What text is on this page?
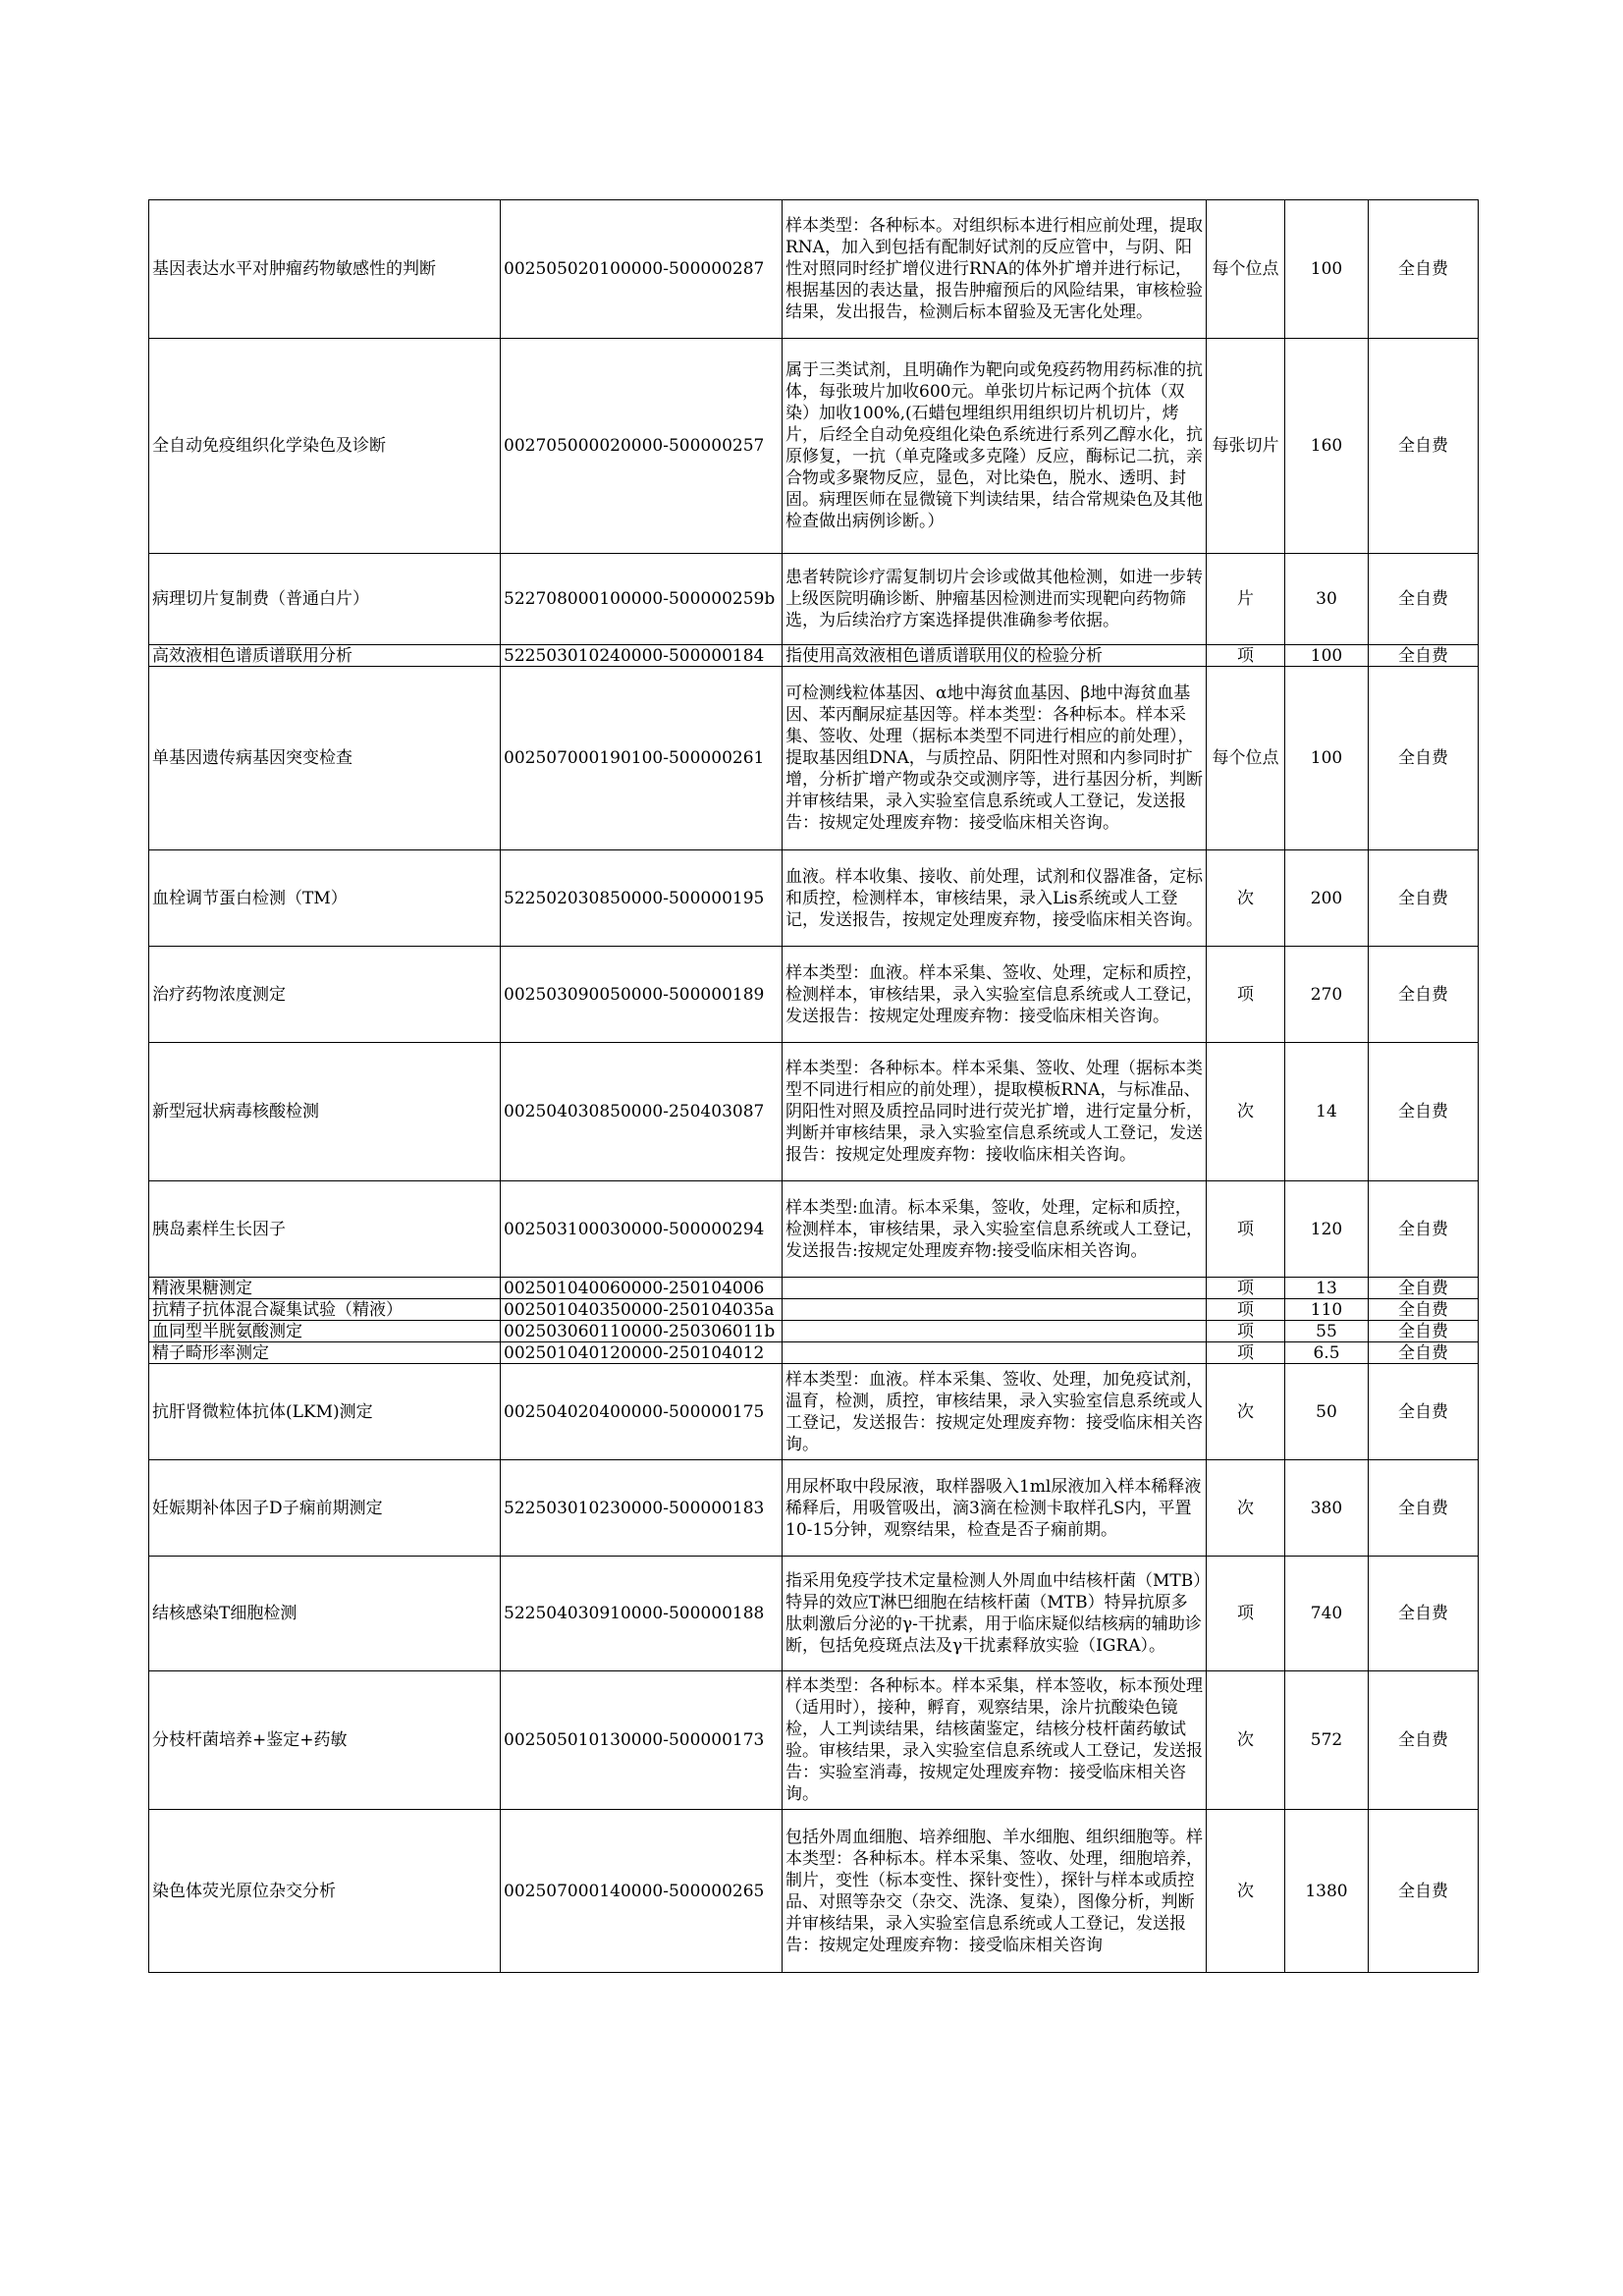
基因表达水平对肿瘤药物敏感性的判断	002505020100000-500000287	样本类型：各种标本。对组织标本进行相应前处理，提取RNA，加入到包括有配制好试剂的反应管中，与阴、阳性对照同时经扩增仪进行RNA的体外扩增并进行标记，根据基因的表达量，报告肿瘤预后的风险结果，审核检验结果，发出报告，检测后标本留验及无害化处理。	每个位点	100	全自费
全自动免疫组织化学染色及诊断	002705000020000-500000257	属于三类试剂，且明确作为靶向或免疫药物用药标准的抗体，每张玻片加收600元。单张切片标记两个抗体（双染）加收100%,(石蜡包埋组织用组织切片机切片，烤片，后经全自动免疫组化染色系统进行系列乙醇水化，抗原修复，一抗（单克隆或多克隆）反应，酶标记二抗，亲合物或多聚物反应，显色，对比染色，脱水、透明、封固。病理医师在显微镜下判读结果，结合常规染色及其他检查做出病例诊断。）	每张切片	160	全自费
病理切片复制费（普通白片）	522708000100000-500000259b	患者转院诊疗需复制切片会诊或做其他检测，如进一步转上级医院明确诊断、肿瘤基因检测进而实现靶向药物筛选，为后续治疗方案选择提供准确参考依据。	片	30	全自费
高效液相色谱质谱联用分析	522503010240000-500000184	指使用高效液相色谱质谱联用仪的检验分析	项	100	全自费
单基因遗传病基因突变检查	002507000190100-500000261	可检测线粒体基因、α地中海贫血基因、β地中海贫血基因、苯丙酮尿症基因等。样本类型：各种标本。样本采集、签收、处理（据标本类型不同进行相应的前处理），提取基因组DNA，与质控品、阴阳性对照和内参同时扩增，分析扩增产物或杂交或测序等，进行基因分析，判断并审核结果，录入实验室信息系统或人工登记，发送报告：按规定处理废弃物：接受临床相关咨询。	每个位点	100	全自费
血栓调节蛋白检测（TM）	522502030850000-500000195	血液。样本收集、接收、前处理，试剂和仪器准备，定标和质控，检测样本，审核结果，录入Lis系统或人工登记，发送报告，按规定处理废弃物，接受临床相关咨询。	次	200	全自费
治疗药物浓度测定	002503090050000-500000189	样本类型：血液。样本采集、签收、处理，定标和质控，检测样本，审核结果，录入实验室信息系统或人工登记，发送报告：按规定处理废弃物：接受临床相关咨询。	项	270	全自费
新型冠状病毒核酸检测	002504030850000-250403087	样本类型：各种标本。样本采集、签收、处理（据标本类型不同进行相应的前处理），提取模板RNA，与标准品、阴阳性对照及质控品同时进行荧光扩增，进行定量分析，判断并审核结果，录入实验室信息系统或人工登记，发送报告：按规定处理废弃物：接收临床相关咨询。	次	14	全自费
胰岛素样生长因子	002503100030000-500000294	样本类型:血清。标本采集，签收，处理，定标和质控，检测样本，审核结果，录入实验室信息系统或人工登记，发送报告:按规定处理废弃物:接受临床相关咨询。	项	120	全自费
精液果糖测定	002501040060000-250104006		项	13	全自费
抗精子抗体混合凝集试验（精液）	002501040350000-250104035a		项	110	全自费
血同型半胱氨酸测定	002503060110000-250306011b		项	55	全自费
精子畸形率测定	002501040120000-250104012		项	6.5	全自费
抗肝肾微粒体抗体(LKM)测定	002504020400000-500000175	样本类型：血液。样本采集、签收、处理，加免疫试剂，温育，检测，质控，审核结果，录入实验室信息系统或人工登记，发送报告：按规定处理废弃物：接受临床相关咨询。	次	50	全自费
妊娠期补体因子D子痫前期测定	522503010230000-500000183	用尿杯取中段尿液，取样器吸入1ml尿液加入样本稀释液稀释后，用吸管吸出，滴3滴在检测卡取样孔S内，平置10-15分钟，观察结果，检查是否子痫前期。	次	380	全自费
结核感染T细胞检测	522504030910000-500000188	指采用免疫学技术定量检测人外周血中结核杆菌（MTB）特异的效应T淋巴细胞在结核杆菌（MTB）特异抗原多肽刺激后分泌的γ-干扰素，用于临床疑似结核病的辅助诊断，包括免疫斑点法及γ干扰素释放实验（IGRA）。	项	740	全自费
分枝杆菌培养+鉴定+药敏	002505010130000-500000173	样本类型：各种标本。样本采集，样本签收，标本预处理（适用时），接种，孵育，观察结果，涂片抗酸染色镜检，人工判读结果，结核菌鉴定，结核分枝杆菌药敏试验。审核结果，录入实验室信息系统或人工登记，发送报告：实验室消毒，按规定处理废弃物：接受临床相关咨询。	次	572	全自费
染色体荧光原位杂交分析	002507000140000-500000265	包括外周血细胞、培养细胞、羊水细胞、组织细胞等。样本类型：各种标本。样本采集、签收、处理，细胞培养，制片，变性（标本变性、探针变性），探针与样本或质控品、对照等杂交（杂交、洗涤、复染），图像分析，判断并审核结果，录入实验室信息系统或人工登记，发送报告：按规定处理废弃物：接受临床相关咨询	次	1380	全自费
